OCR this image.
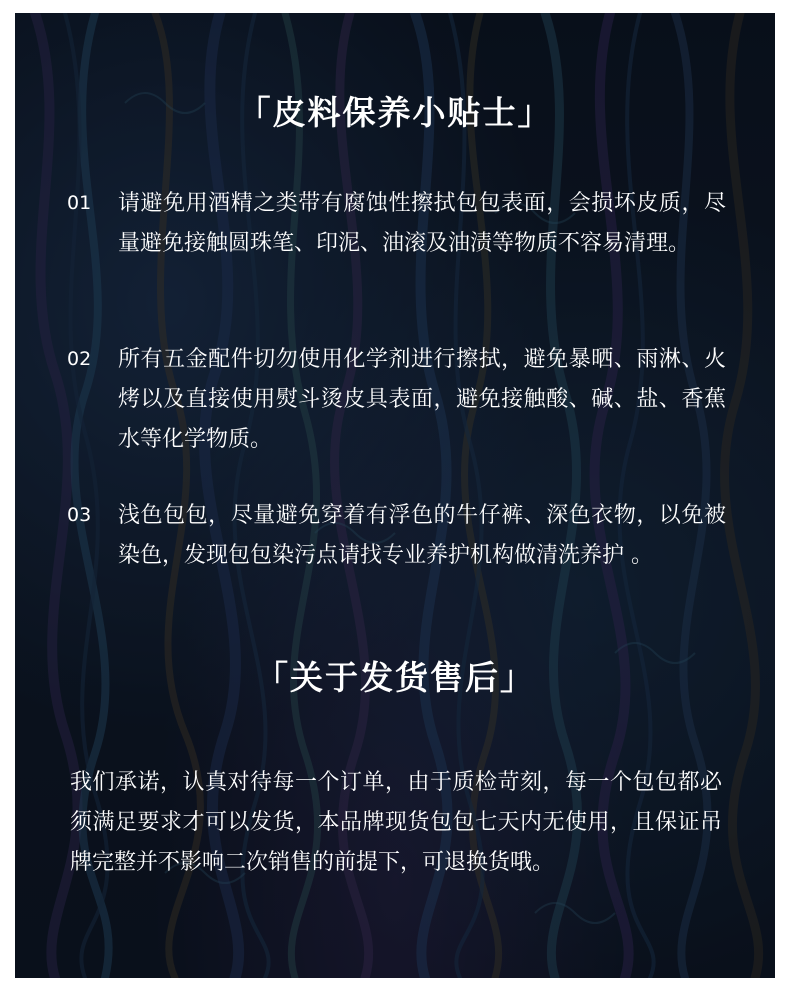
「皮料保养小贴士」
01 请避免用酒精之类带有腐蚀性擦拭包包表面，会损坏皮质，尽量避免接触圆珠笔、印泥、油滚及油渍等物质不容易清理。
02 所有五金配件切勿使用化学剂进行擦拭，避免暴晒、雨淋、火烤以及直接使用熨斗烫皮具表面，避免接触酸、碱、盐、香蕉水等化学物质。
03 浅色包包，尽量避免穿着有浮色的牛仔裤、深色衣物，以免被染色，发现包包染污点请找专业养护机构做清洗养护 。
「关于发货售后」
我们承诺，认真对待每一个订单，由于质检苛刻，每一个包包都必须满足要求才可以发货，本品牌现货包包七天内无使用，且保证吊牌完整并不影响二次销售的前提下，可退换货哦。
